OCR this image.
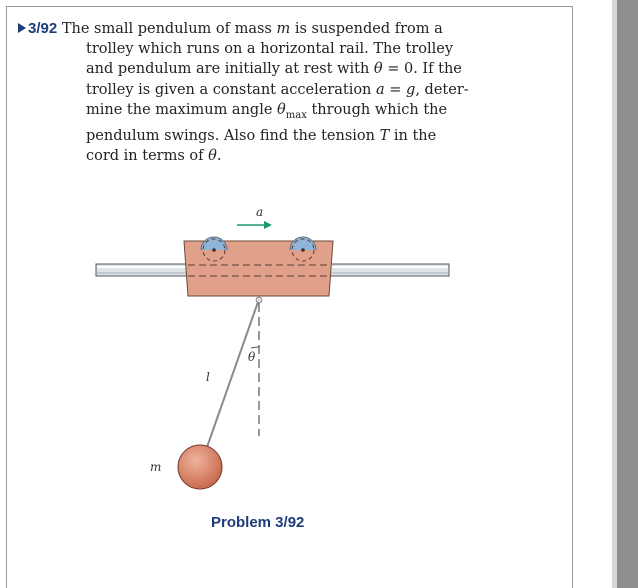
3/92 The small pendulum of mass m is suspended from a
trolley which runs on a horizontal rail. The trolley
and pendulum are initially at rest with θ = 0. If the
trolley is given a constant acceleration a = g, deter-
mine the maximum angle $\theta_{max}$ through which the
pendulum swings. Also find the tension T in the
cord in terms of θ.
a
θ
l
m
Problem 3/92
